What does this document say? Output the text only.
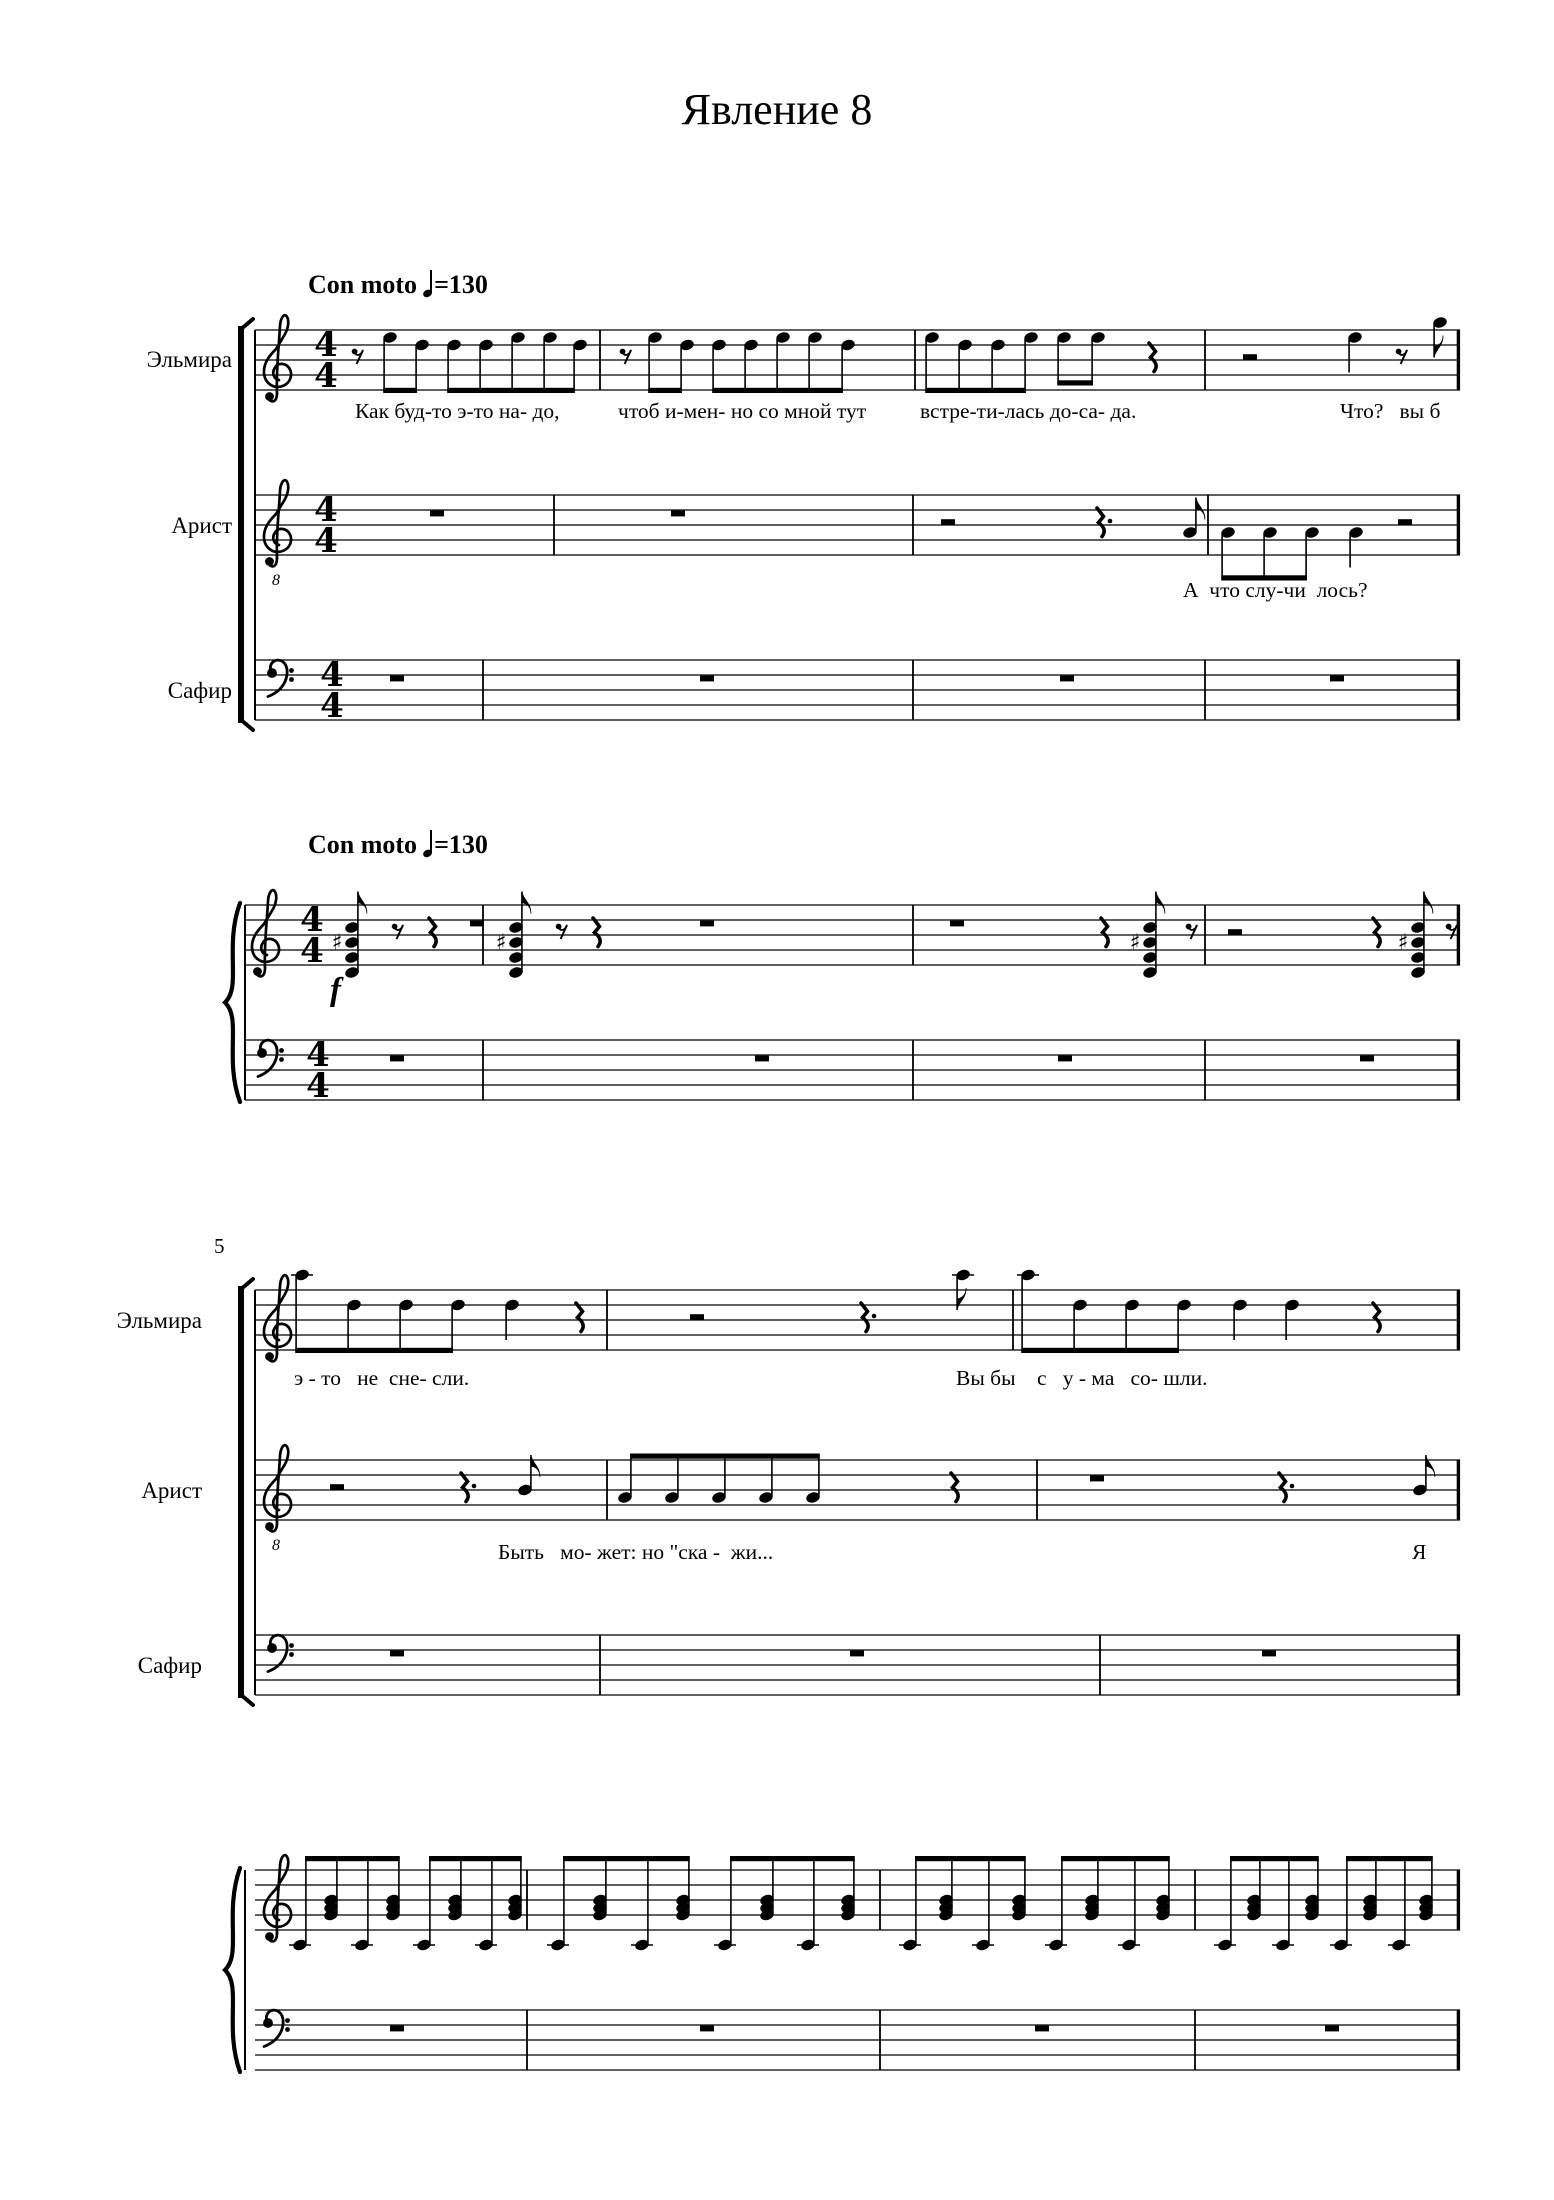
4
4
8
4
4
4
4
4
4 ♯	♯	♯	♯
4
4
8
Явление 8
Con moto =130
Con moto =130
Эльмира
Арист
Сафир
Эльмира
Арист
Сафир
5
f
Как буд-то э-то на- до,	чтоб и-мен- но со мной тут	встре-ти-лась до-са- да.	Что?   вы б
А  что слу-чи  лось?
э - то   не  сне- сли.	Вы бы    с   у - ма   со- шли.
Быть   мо- жет: но "ска -  жи...	Я
